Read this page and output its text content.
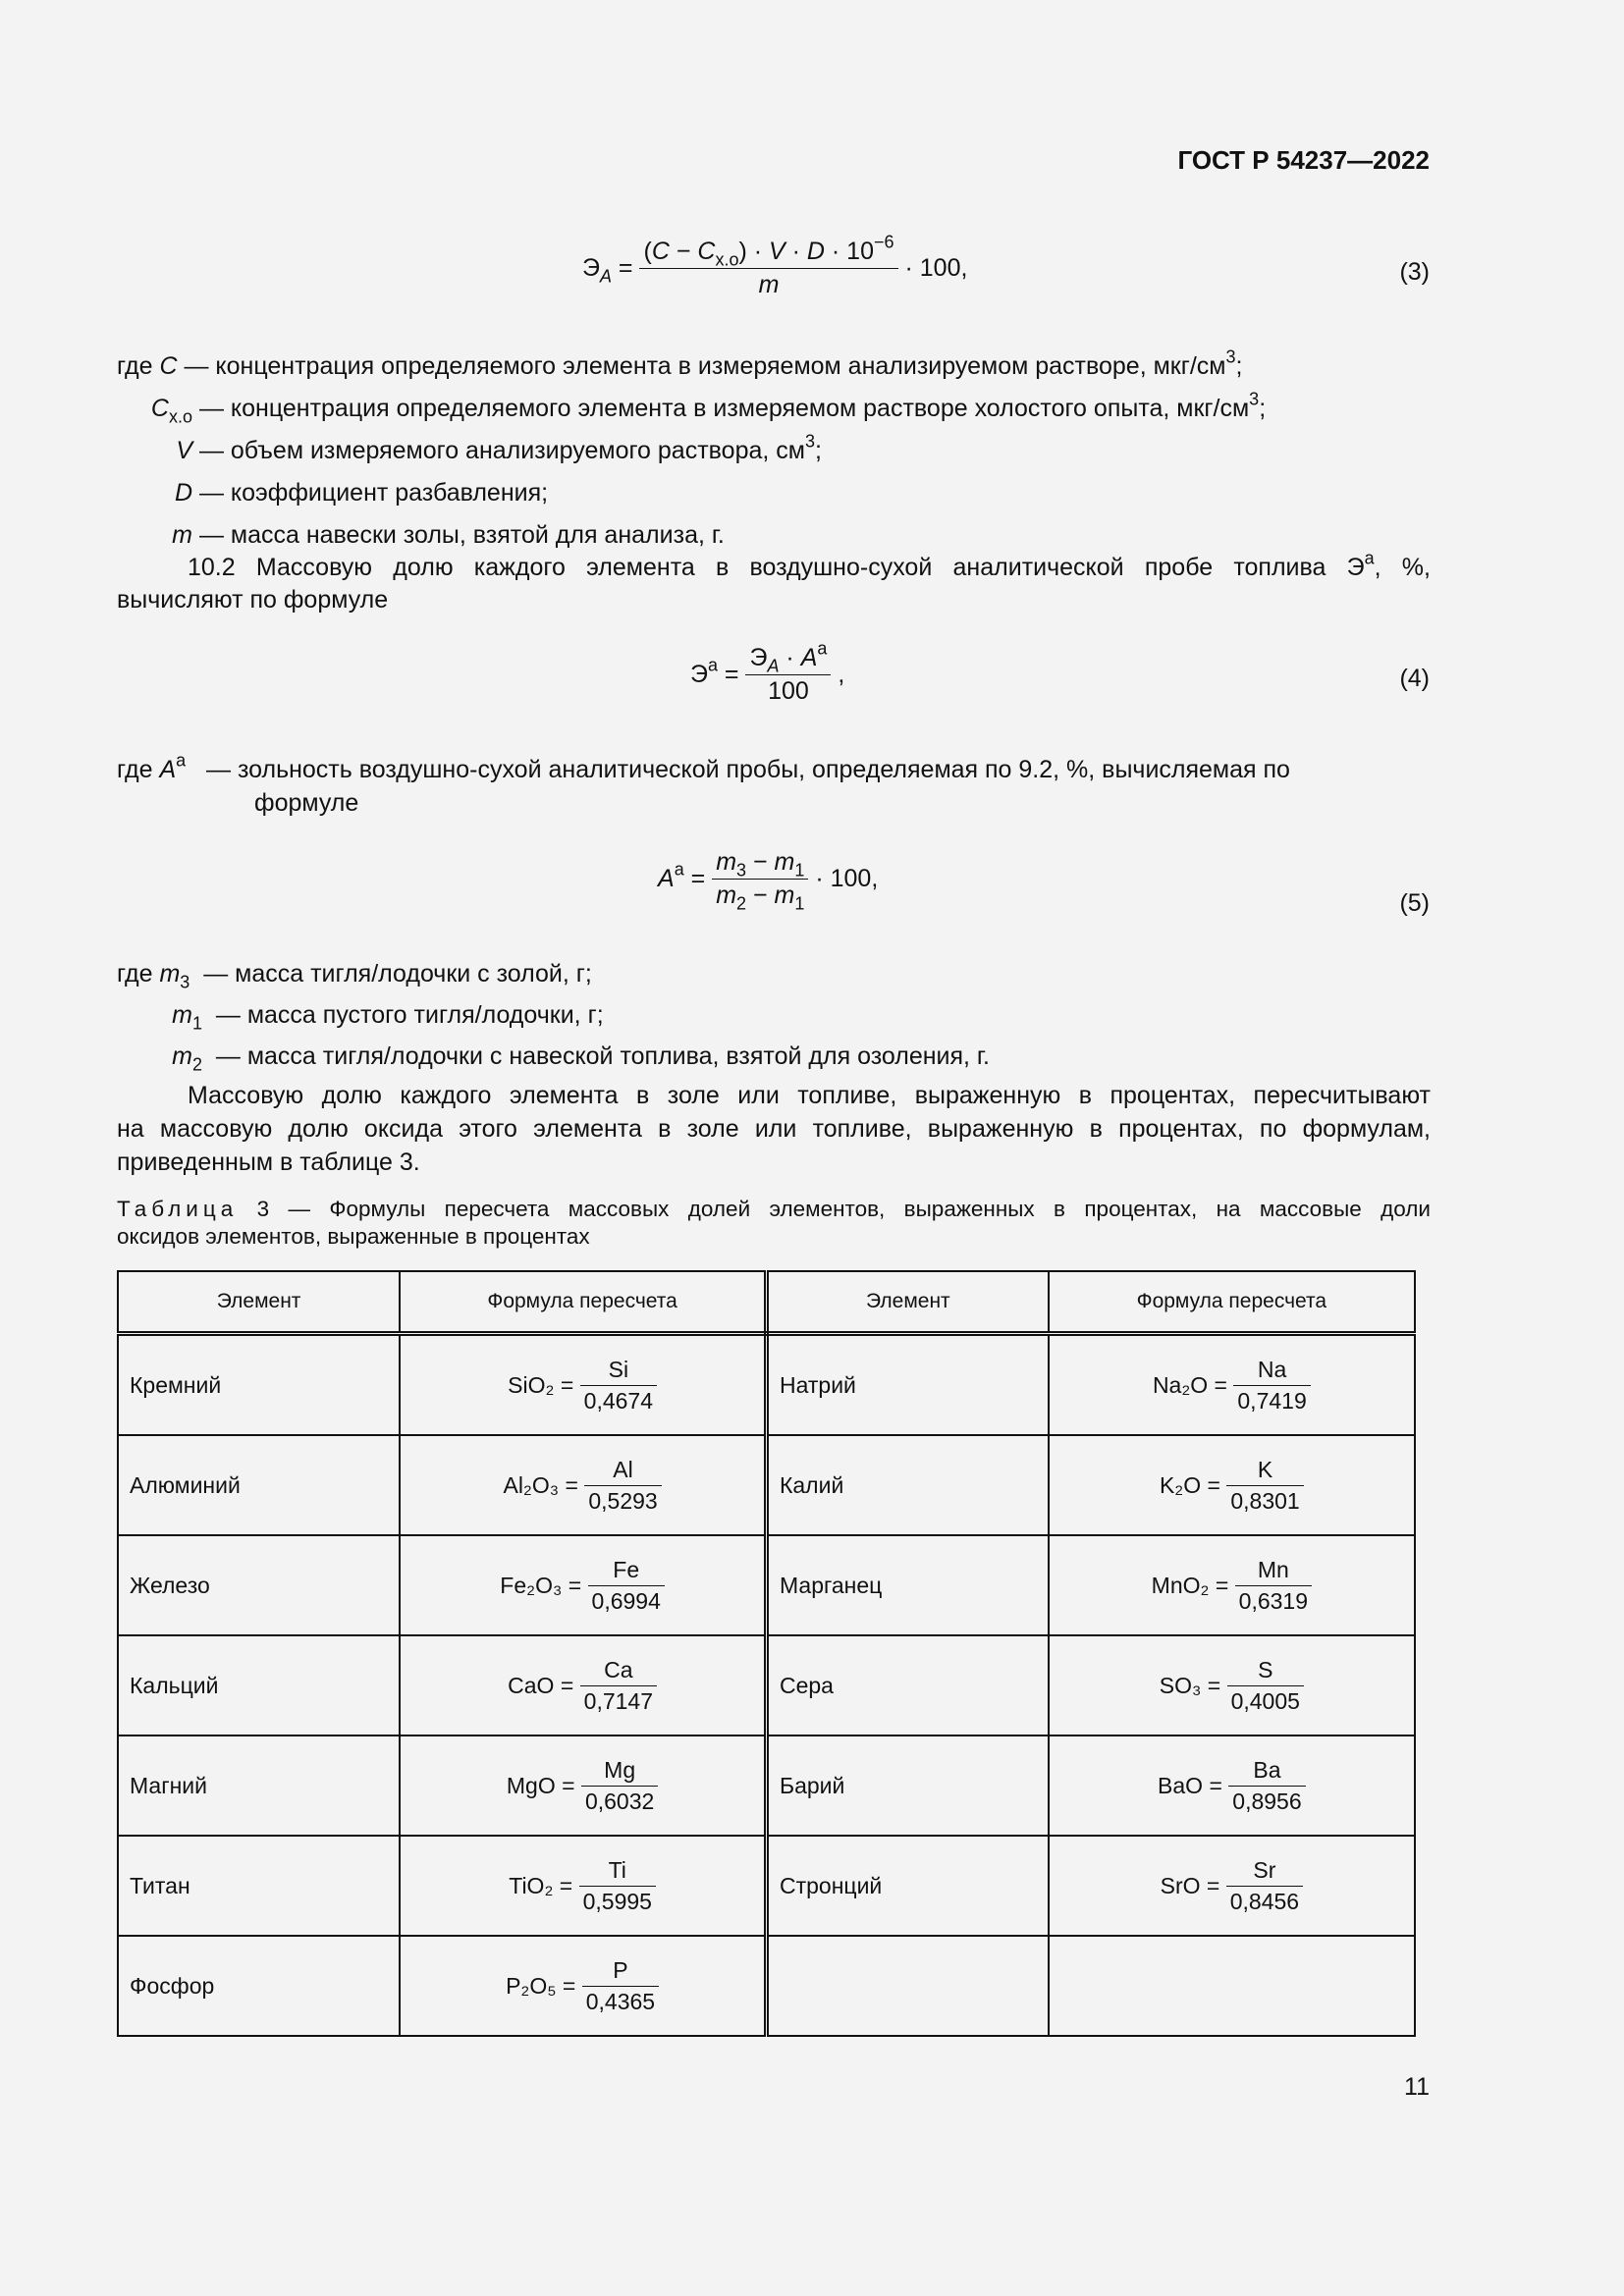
ГОСТ Р 54237—2022
$Э_A = \frac{(C - C_{x.o}) \cdot V \cdot D \cdot 10^{-6}}{m} \cdot 100$,	(3)
где C — концентрация определяемого элемента в измеряемом анализируемом растворе, мкг/$см^3$;
$C_{x.o}$ — концентрация определяемого элемента в измеряемом растворе холостого опыта, мкг/$см^3$;
V — объем измеряемого анализируемого раствора, $см^3$;
D — коэффициент разбавления;
m — масса навески золы, взятой для анализа, г.
10.2 Массовую долю каждого элемента в воздушно-сухой аналитической пробе топлива $Э^a$, %,
вычисляют по формуле
$Э^a = \frac{Э_A \cdot A^a}{100}$ ,	(4)
где $A^a$   — зольность воздушно-сухой аналитической пробы, определяемая по 9.2, %, вычисляемая по
формуле
$A^a = \frac{m_3 - m_1}{m_2 - m_1} \cdot 100$,
(5)
где $m_3$  — масса тигля/лодочки с золой, г;
$m_1$  — масса пустого тигля/лодочки, г;
$m_2$  — масса тигля/лодочки с навеской топлива, взятой для озоления, г.
Массовую долю каждого элемента в золе или топливе, выраженную в процентах, пересчитывают
на массовую долю оксида этого элемента в золе или топливе, выраженную в процентах, по формулам,
приведенным в таблице 3.
Таблица 3 — Формулы пересчета массовых долей элементов, выраженных в процентах, на массовые доли
оксидов элементов, выраженные в процентах
Элемент	Формула пересчета	Элемент	Формула пересчета
Кремний	$SiO_2 = \frac{Si}{0,4674}$	Натрий	$Na_2O = \frac{Na}{0,7419}$

Алюминий	$Al_2O_3 = \frac{Al}{0,5293}$	Калий	$K_2O = \frac{K}{0,8301}$

Железо	$Fe_2O_3 = \frac{Fe}{0,6994}$	Марганец	$MnO_2 = \frac{Mn}{0,6319}$

Кальций	CaO = $\frac{Ca}{0,7147}$	Сера	$SO_3 = \frac{S}{0,4005}$

Магний	MgO = $\frac{Mg}{0,6032}$	Барий	BaO = $\frac{Ba}{0,8956}$

Титан	$TiO_2 = \frac{Ti}{0,5995}$	Стронций	SrO = $\frac{Sr}{0,8456}$

Фосфор	$P_2O_5 = \frac{P}{0,4365}$

11
